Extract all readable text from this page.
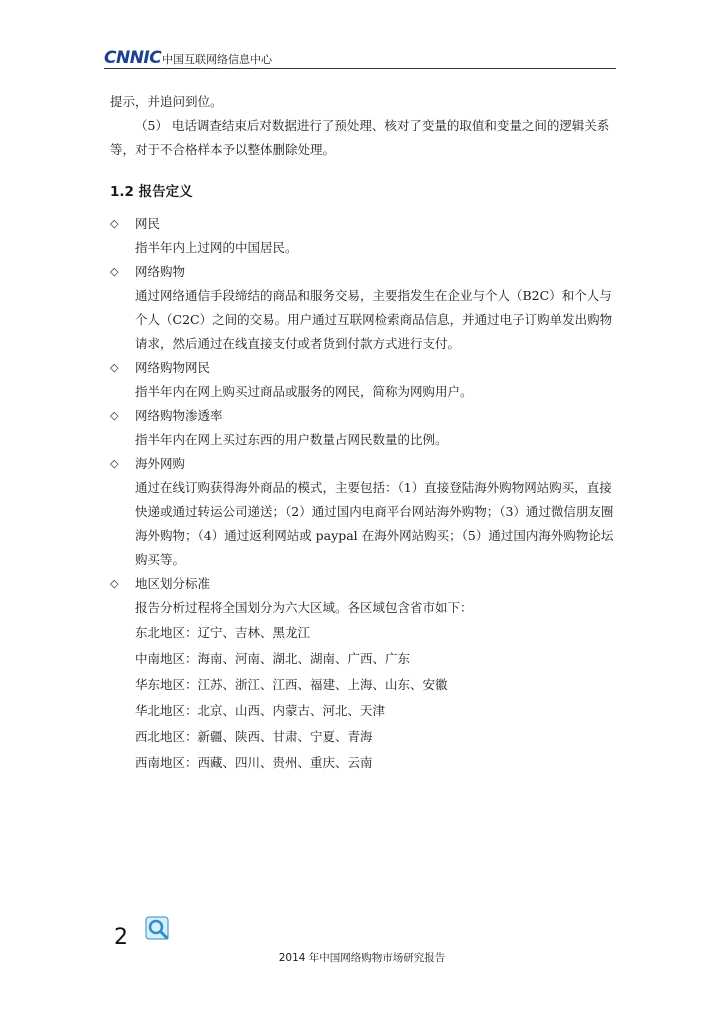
CNNIC 中国互联网络信息中心

提示，并追问到位。

（5） 电话调查结束后对数据进行了预处理、核对了变量的取值和变量之间的逻辑关系等，对于不合格样本予以整体删除处理。

1.2 报告定义
◇ 网民

指半年内上过网的中国居民。

◇ 网络购物

通过网络通信手段缔结的商品和服务交易，主要指发生在企业与个人（B2C）和个人与个人（C2C）之间的交易。用户通过互联网检索商品信息，并通过电子订购单发出购物请求，然后通过在线直接支付或者货到付款方式进行支付。

◇ 网络购物网民

指半年内在网上购买过商品或服务的网民，简称为网购用户。

◇ 网络购物渗透率

指半年内在网上买过东西的用户数量占网民数量的比例。

◇ 海外网购

通过在线订购获得海外商品的模式，主要包括：（1）直接登陆海外购物网站购买，直接快递或通过转运公司递送；（2）通过国内电商平台网站海外购物；（3）通过微信朋友圈海外购物；（4）通过返利网站或 paypal 在海外网站购买；（5）通过国内海外购物论坛购买等。

◇ 地区划分标准

报告分析过程将全国划分为六大区域。各区域包含省市如下：

东北地区：辽宁、吉林、黑龙江

中南地区：海南、河南、湖北、湖南、广西、广东

华东地区：江苏、浙江、江西、福建、上海、山东、安徽

华北地区：北京、山西、内蒙古、河北、天津

西北地区：新疆、陕西、甘肃、宁夏、青海

西南地区：西藏、四川、贵州、重庆、云南

2
2014 年中国网络购物市场研究报告
